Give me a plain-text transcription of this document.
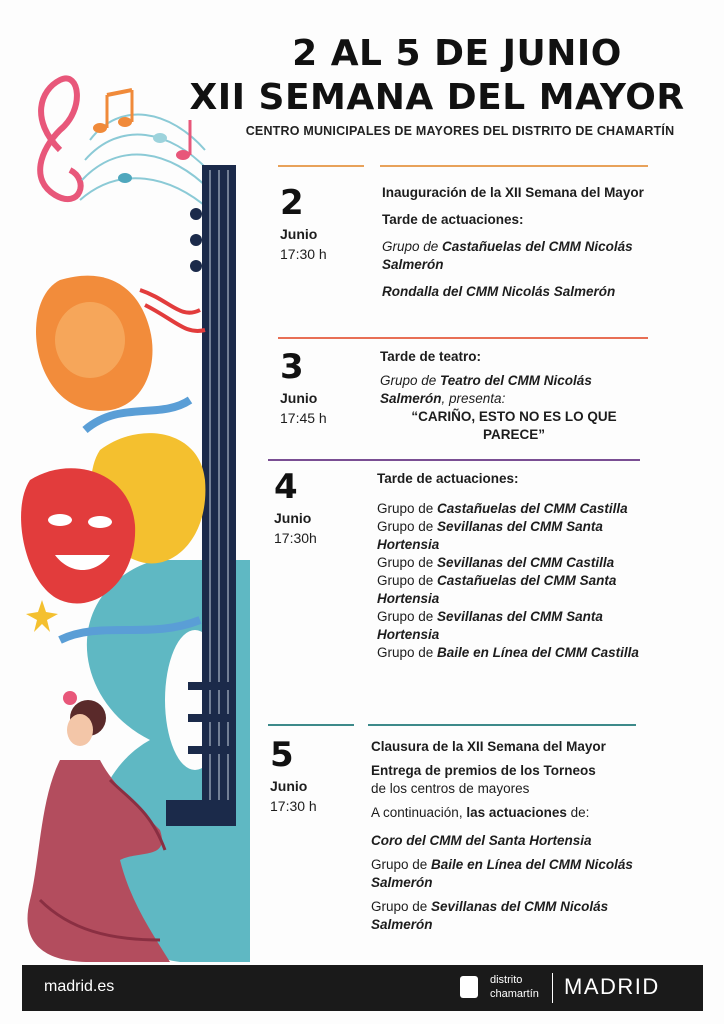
2 AL 5 DE JUNIO
XII SEMANA DEL MAYOR
CENTRO MUNICIPALES DE MAYORES DEL DISTRITO DE CHAMARTÍN
2
Junio
17:30 h

Inauguración de la XII Semana del Mayor

Tarde de actuaciones:

Grupo de Castañuelas del CMM Nicolás Salmerón

Rondalla del CMM Nicolás Salmerón

3
Junio
17:45 h

Tarde de teatro:

Grupo de Teatro del CMM Nicolás Salmerón, presenta:

“CARIÑO, ESTO NO ES LO QUE PARECE”

4
Junio
17:30h

Tarde de actuaciones:

Grupo de Castañuelas del CMM Castilla

Grupo de Sevillanas del CMM Santa Hortensia

Grupo de Sevillanas del CMM Castilla

Grupo de Castañuelas del CMM Santa Hortensia

Grupo de Sevillanas del CMM Santa Hortensia

Grupo de Baile en Línea del CMM Castilla

5
Junio
17:30 h

Clausura de la XII Semana del Mayor

Entrega de premios de los Torneos

de los centros de mayores

A continuación, las actuaciones de:

Coro del CMM del Santa Hortensia

Grupo de Baile en Línea del CMM Nicolás Salmerón

Grupo de Sevillanas del CMM Nicolás Salmerón

madrid.es	distrito
chamartín MADRID
